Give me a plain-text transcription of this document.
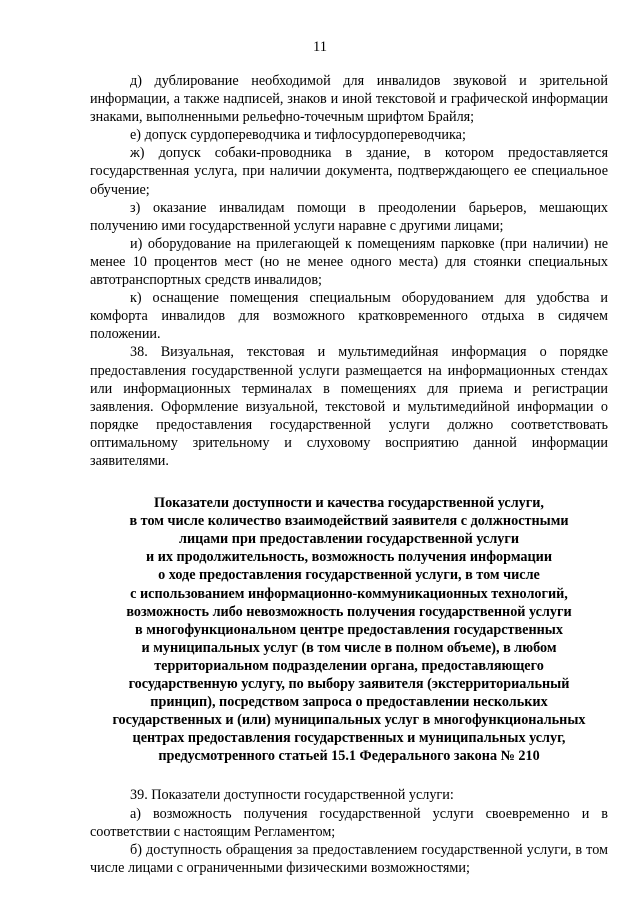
11

д) дублирование необходимой для инвалидов звуковой и зрительной информации, а также надписей, знаков и иной текстовой и графической информации знаками, выполненными рельефно-точечным шрифтом Брайля;

е) допуск сурдопереводчика и тифлосурдопереводчика;

ж) допуск собаки-проводника в здание, в котором предоставляется государственная услуга, при наличии документа, подтверждающего ее специальное обучение;

з) оказание инвалидам помощи в преодолении барьеров, мешающих получению ими государственной услуги наравне с другими лицами;

и) оборудование на прилегающей к помещениям парковке (при наличии) не менее 10 процентов мест (но не менее одного места) для стоянки специальных автотранспортных средств инвалидов;

к) оснащение помещения специальным оборудованием для удобства и комфорта инвалидов для возможного кратковременного отдыха в сидячем положении.

38. Визуальная, текстовая и мультимедийная информация о порядке предоставления государственной услуги размещается на информационных стендах или информационных терминалах в помещениях для приема и регистрации заявления. Оформление визуальной, текстовой и мультимедийной информации о порядке предоставления государственной услуги должно соответствовать оптимальному зрительному и слуховому восприятию данной информации заявителями.

Показатели доступности и качества государственной услуги,
в том числе количество взаимодействий заявителя с должностными
лицами при предоставлении государственной услуги
и их продолжительность, возможность получения информации
о ходе предоставления государственной услуги, в том числе
с использованием информационно-коммуникационных технологий,
возможность либо невозможность получения государственной услуги
в многофункциональном центре предоставления государственных
и муниципальных услуг (в том числе в полном объеме), в любом
территориальном подразделении органа, предоставляющего
государственную услугу, по выбору заявителя (экстерриториальный
принцип), посредством запроса о предоставлении нескольких
государственных и (или) муниципальных услуг в многофункциональных
центрах предоставления государственных и муниципальных услуг,
предусмотренного статьей 15.1 Федерального закона № 210

39. Показатели доступности государственной услуги:

а) возможность получения государственной услуги своевременно и в соответствии с настоящим Регламентом;

б) доступность обращения за предоставлением государственной услуги, в том числе лицами с ограниченными физическими возможностями;
